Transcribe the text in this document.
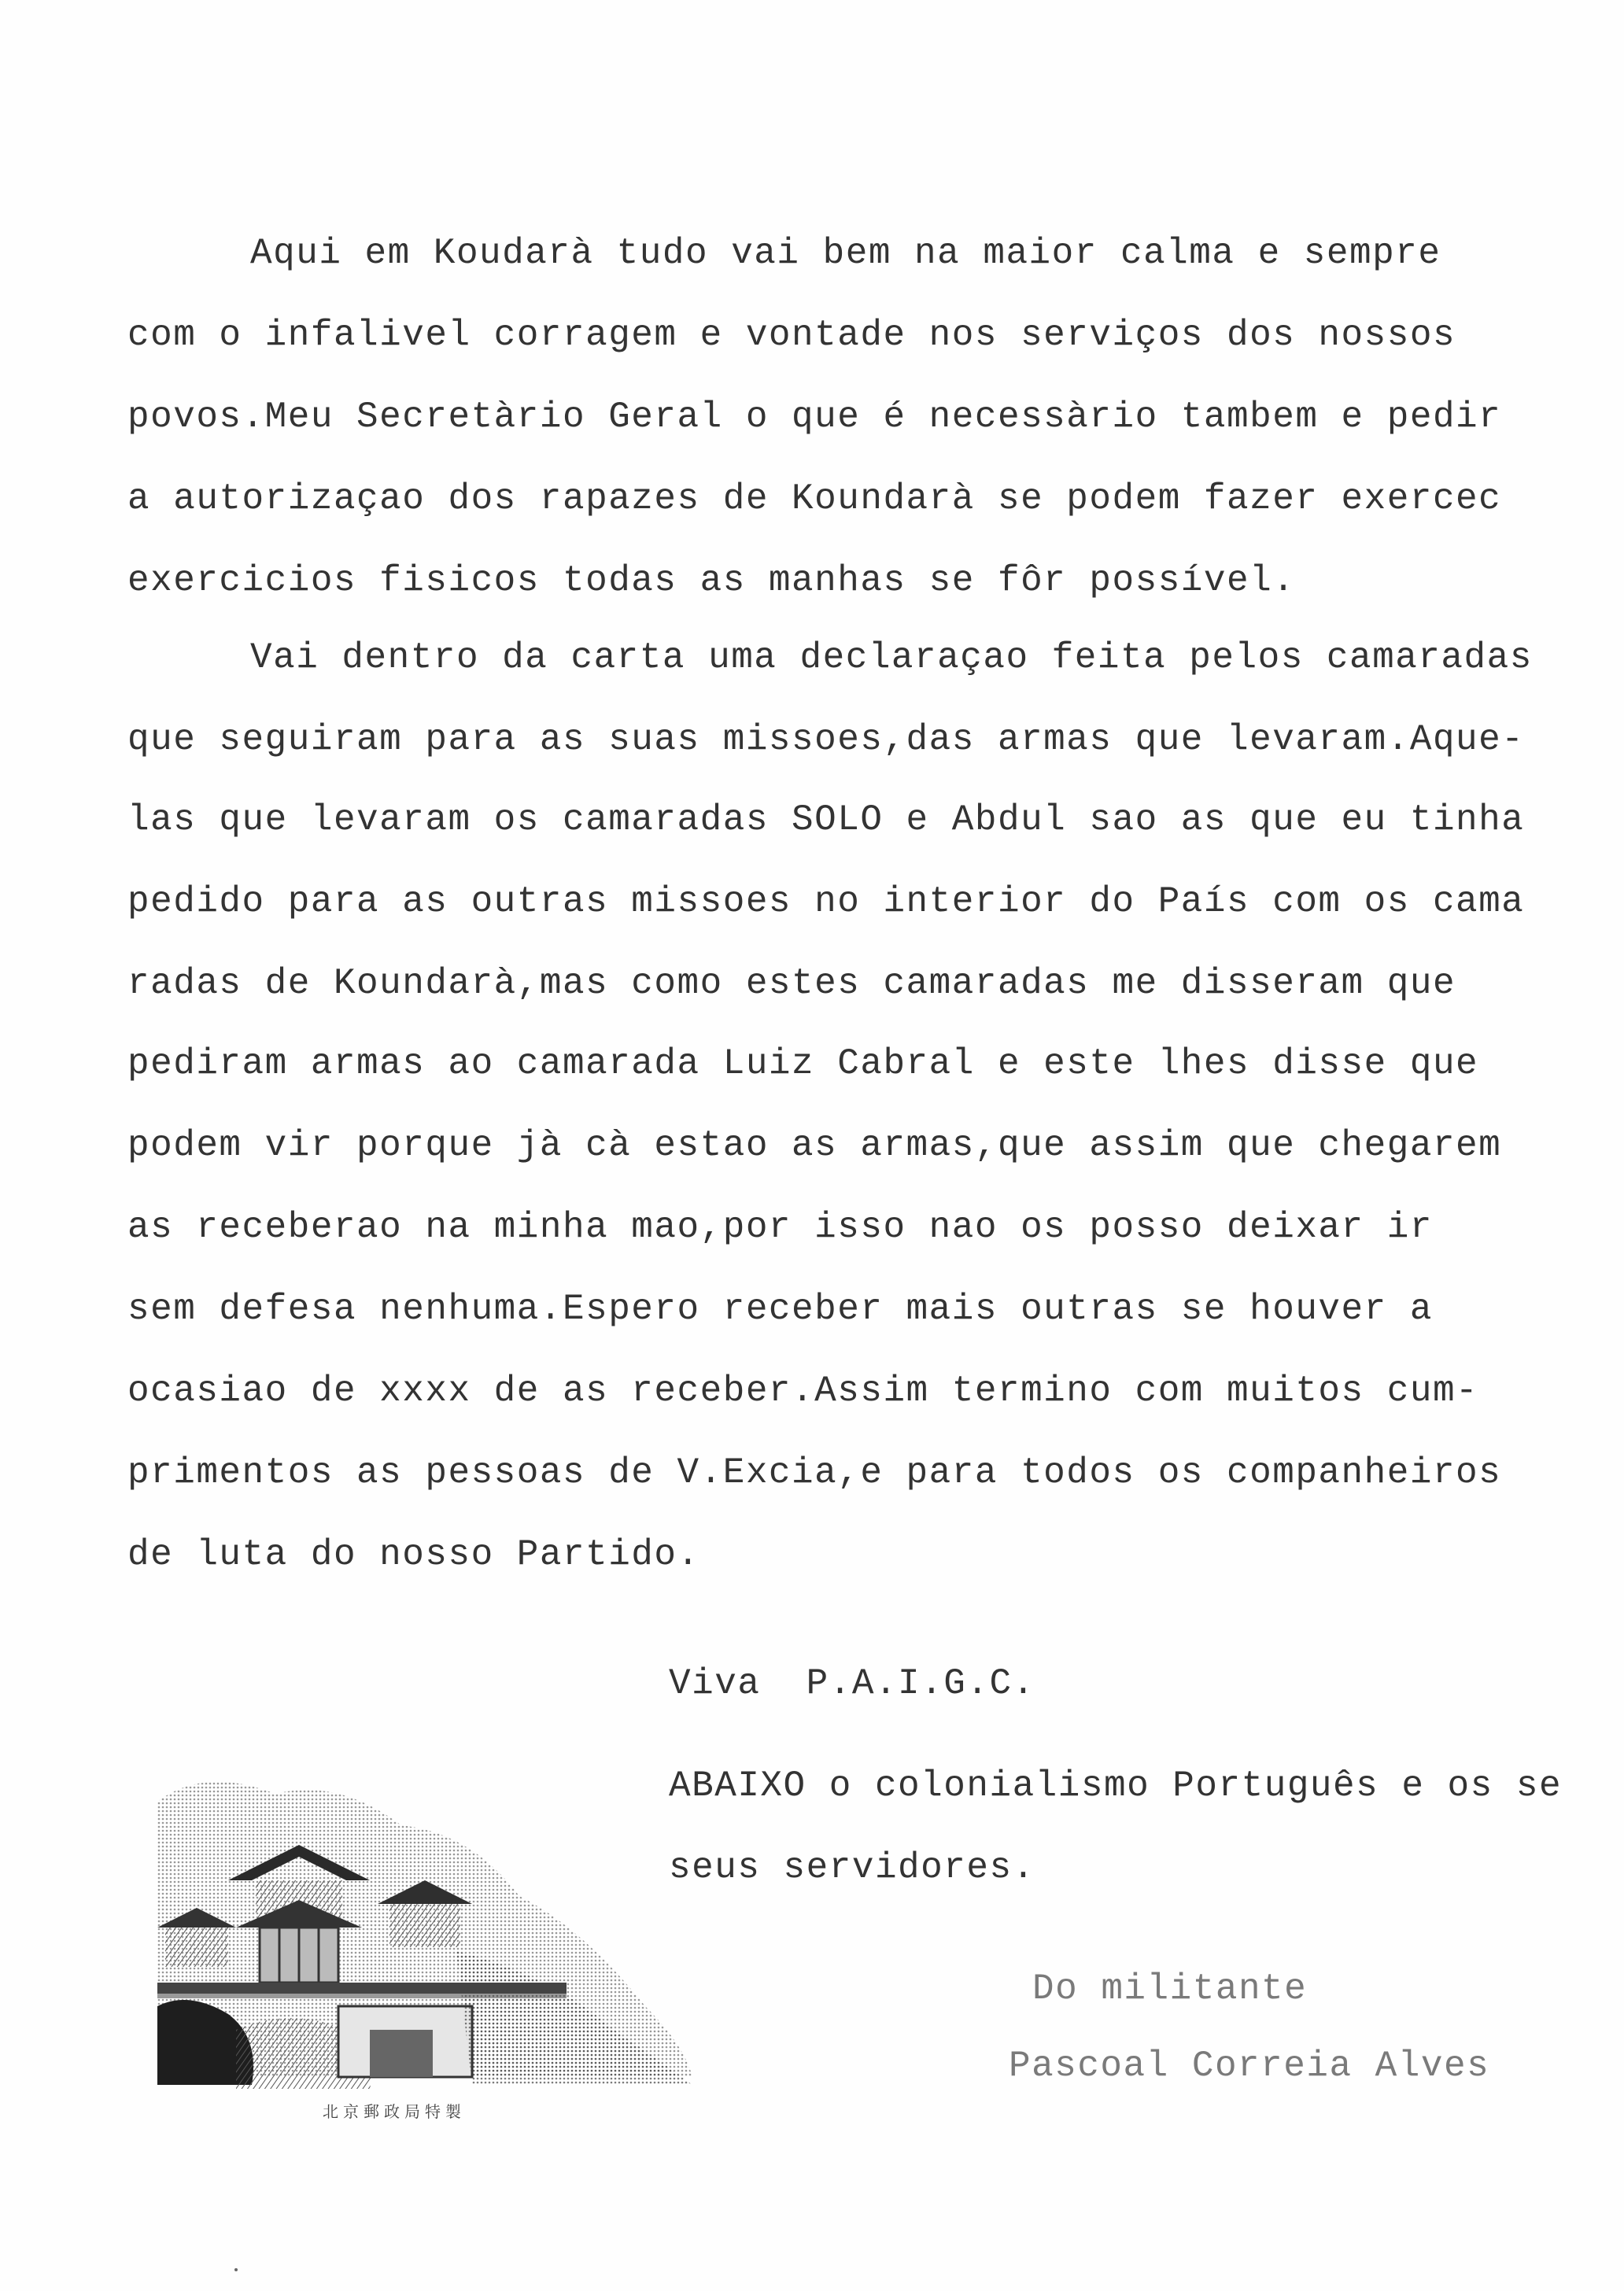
Aqui em Koudarà tudo vai bem na maior calma e sempre
com o infalivel corragem e vontade nos serviços dos nossos
povos.Meu Secretàrio Geral o que é necessàrio tambem e pedir
a autorizaçao dos rapazes de Koundarà se podem fazer exercec
exercicios fisicos todas as manhas se fôr possível.
Vai dentro da carta uma declaraçao feita pelos camaradas
que seguiram para as suas missoes,das armas que levaram.Aque-
las que levaram os camaradas SOLO e Abdul sao as que eu tinha
pedido para as outras missoes no interior do País com os cama
radas de Koundarà,mas como estes camaradas me disseram que
pediram armas ao camarada Luiz Cabral e este lhes disse que
podem vir porque jà cà estao as armas,que assim que chegarem
as receberao na minha mao,por isso nao os posso deixar ir
sem defesa nenhuma.Espero receber mais outras se houver a
ocasiao de xxxx de as receber.Assim termino com muitos cum-
primentos as pessoas de V.Excia,e para todos os companheiros
de luta do nosso Partido.
Viva  P.A.I.G.C.
ABAIXO o colonialismo Português e os se
seus servidores.
Do militante
Pascoal Correia Alves
北京郵政局特製
